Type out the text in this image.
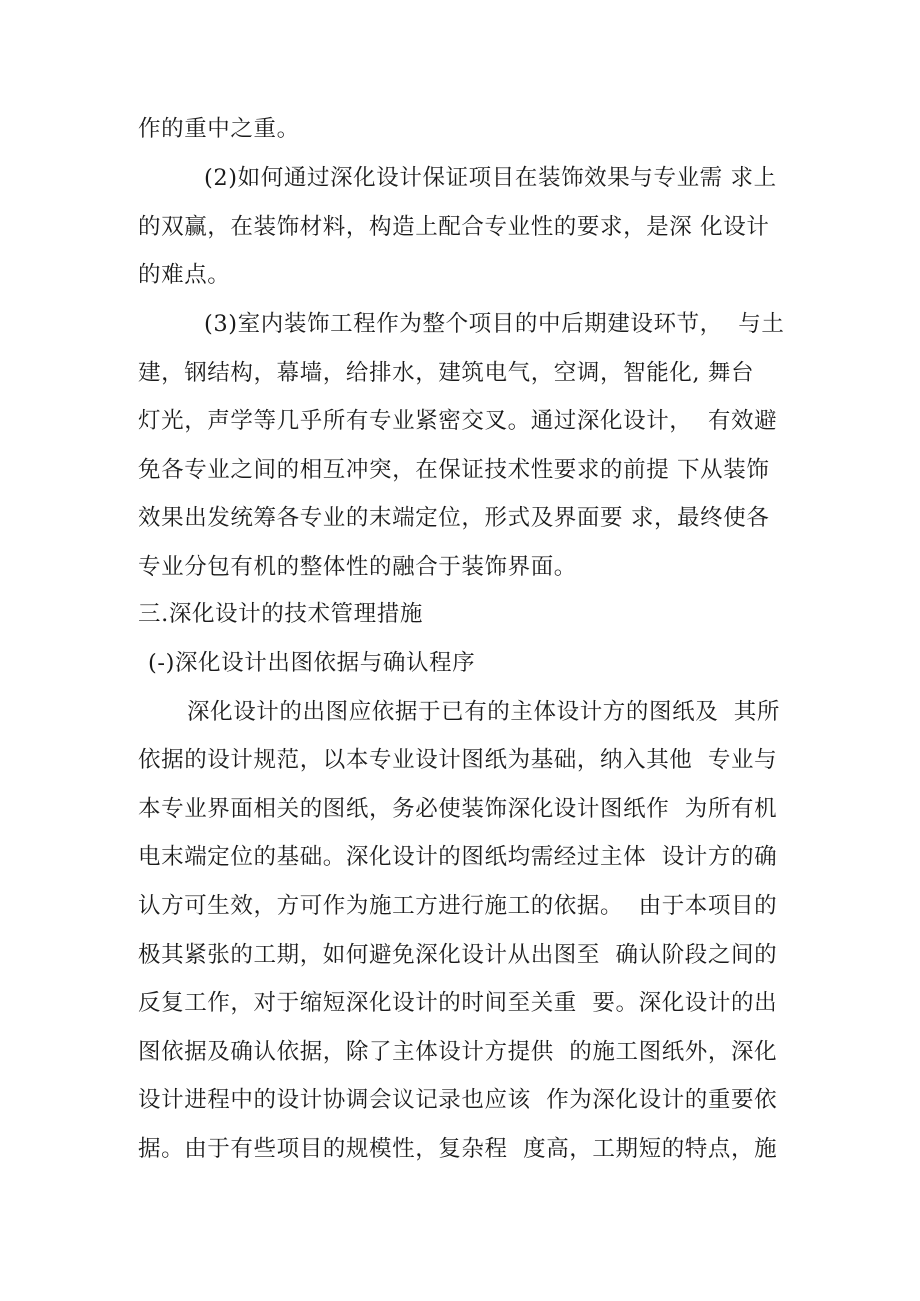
作的重中之重。
(2)如何通过深化设计保证项目在装饰效果与专业需 求上
的双赢，在装饰材料，构造上配合专业性的要求，是深 化设计
的难点。
(3)室内装饰工程作为整个项目的中后期建设环节，  与土
建，钢结构，幕墙，给排水，建筑电气，空调，智能化, 舞台
灯光，声学等几乎所有专业紧密交叉。通过深化设计，  有效避
免各专业之间的相互冲突，在保证技术性要求的前提 下从装饰
效果出发统筹各专业的末端定位，形式及界面要 求，最终使各
专业分包有机的整体性的融合于装饰界面。
三.深化设计的技术管理措施
(-)深化设计出图依据与确认程序
深化设计的出图应依据于已有的主体设计方的图纸及  其所
依据的设计规范，以本专业设计图纸为基础，纳入其他  专业与
本专业界面相关的图纸，务必使装饰深化设计图纸作  为所有机
电末端定位的基础。深化设计的图纸均需经过主体  设计方的确
认方可生效，方可作为施工方进行施工的依据。  由于本项目的
极其紧张的工期，如何避免深化设计从出图至  确认阶段之间的
反复工作，对于缩短深化设计的时间至关重  要。深化设计的出
图依据及确认依据，除了主体设计方提供  的施工图纸外，深化
设计进程中的设计协调会议记录也应该  作为深化设计的重要依
据。由于有些项目的规模性，复杂程  度高，工期短的特点，施
